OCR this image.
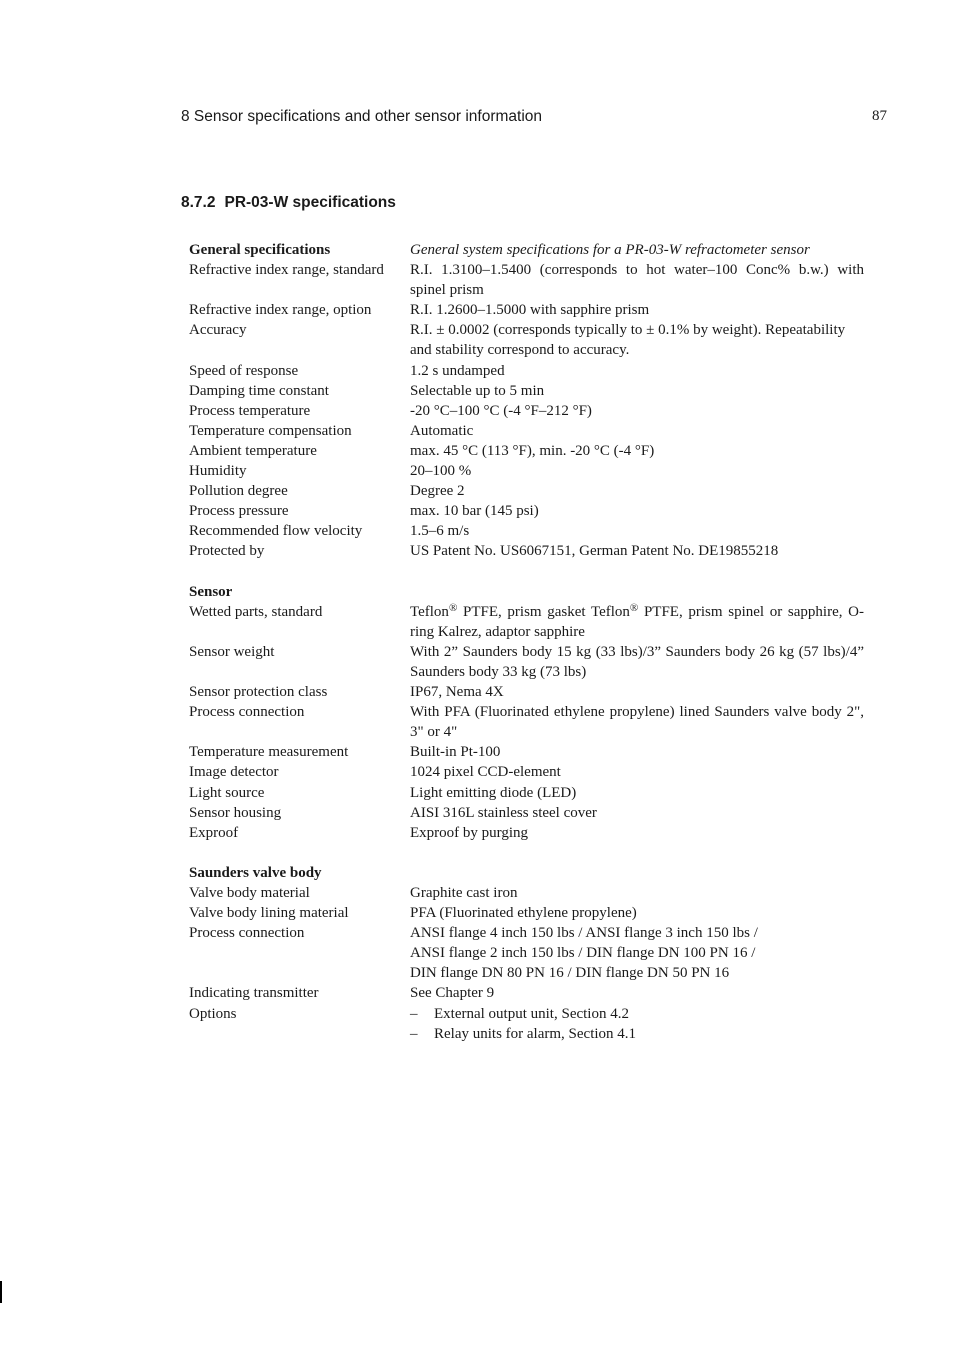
8 Sensor specifications and other sensor information	87
8.7.2 PR-03-W specifications
General specifications	General system specifications for a PR-03-W refractometer sensor
Refractive index range, standard	R.I. 1.3100–1.5400 (corresponds to hot water–100 Conc% b.w.) with spinel prism
Refractive index range, option	R.I. 1.2600–1.5000 with sapphire prism
Accuracy	R.I. ± 0.0002 (corresponds typically to ± 0.1% by weight). Repeatability and stability correspond to accuracy.
Speed of response	1.2 s undamped
Damping time constant	Selectable up to 5 min
Process temperature	-20 °C–100 °C (-4 °F–212 °F)
Temperature compensation	Automatic
Ambient temperature	max. 45 °C (113 °F), min. -20 °C (-4 °F)
Humidity	20–100 %
Pollution degree	Degree 2
Process pressure	max. 10 bar (145 psi)
Recommended flow velocity	1.5–6 m/s
Protected by	US Patent No. US6067151, German Patent No. DE19855218
Sensor
Wetted parts, standard	Teflon® PTFE, prism gasket Teflon® PTFE, prism spinel or sapphire, O-ring Kalrez, adaptor sapphire
Sensor weight	With 2” Saunders body 15 kg (33 lbs)/3” Saunders body 26 kg (57 lbs)/4” Saunders body 33 kg (73 lbs)
Sensor protection class	IP67, Nema 4X
Process connection	With PFA (Fluorinated ethylene propylene) lined Saunders valve body 2", 3" or 4"
Temperature measurement	Built-in Pt-100
Image detector	1024 pixel CCD-element
Light source	Light emitting diode (LED)
Sensor housing	AISI 316L stainless steel cover
Exproof	Exproof by purging
Saunders valve body
Valve body material	Graphite cast iron
Valve body lining material	PFA (Fluorinated ethylene propylene)
Process connection	ANSI flange 4 inch 150 lbs / ANSI flange 3 inch 150 lbs /
ANSI flange 2 inch 150 lbs / DIN flange DN 100 PN 16 /
DIN flange DN 80 PN 16 / DIN flange DN 50 PN 16
Indicating transmitter	See Chapter 9
Options	–	External output unit, Section 4.2
–	Relay units for alarm, Section 4.1
